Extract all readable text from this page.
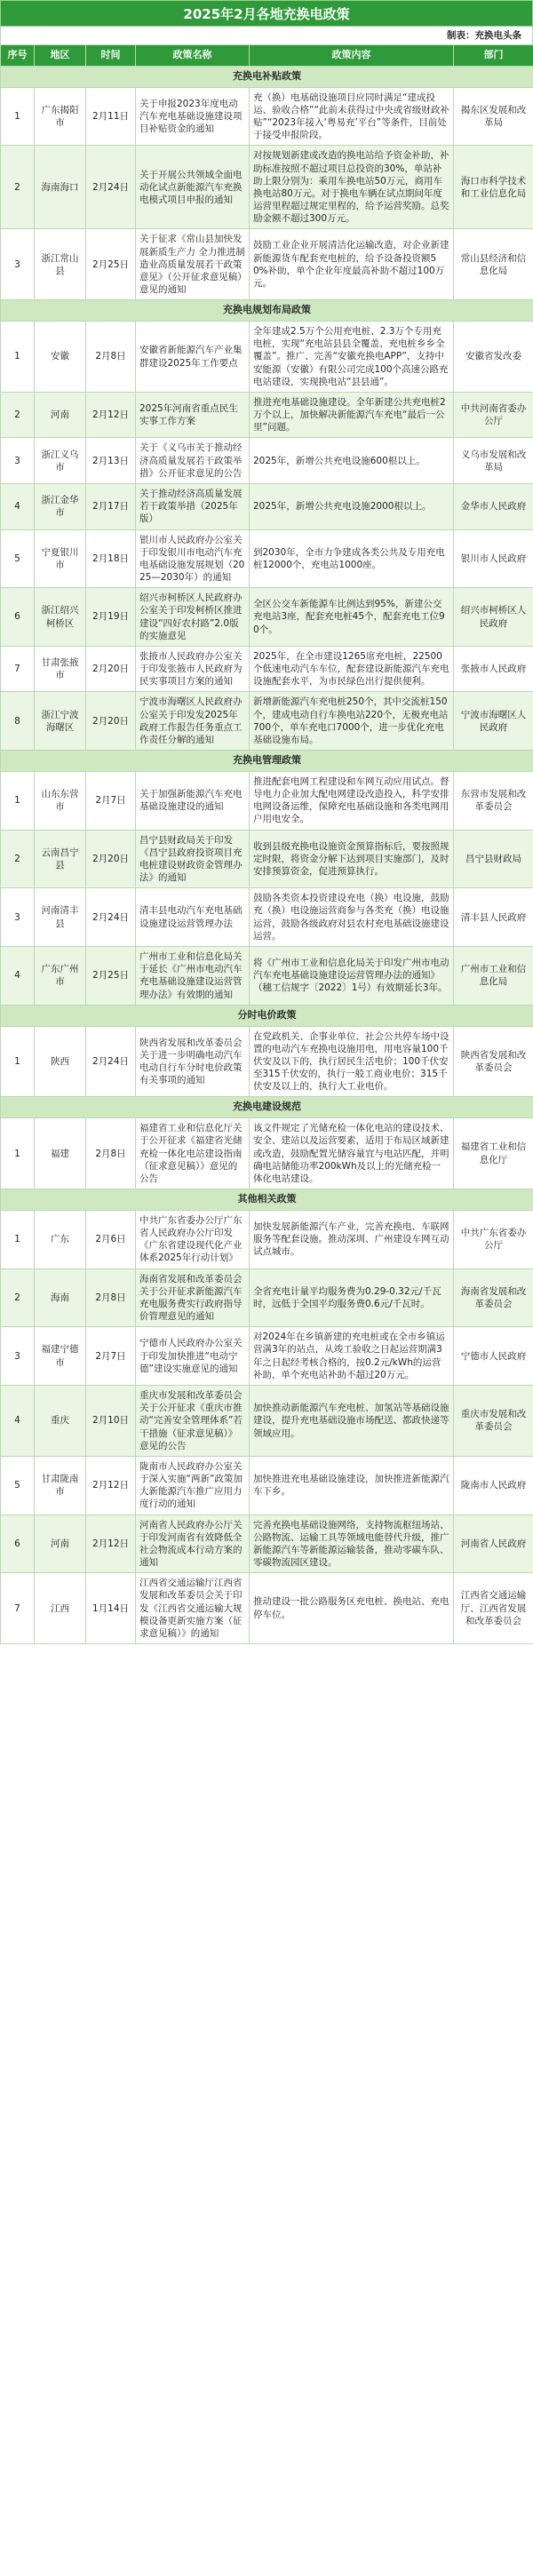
2025年2月各地充换电政策
制表：充换电头条
序号	地区	时间	政策名称	政策内容	部门
充换电补贴政策					
1	广东揭阳市	2月11日	关于申报2023年度电动汽车充电基础设施建设项目补贴资金的通知	充（换）电基础设施项目应同时满足“建成投运、验收合格”“此前未获得过中央或省级财政补贴”“2023年接入‘粤易充’平台”等条件，目前处于接受申报阶段。	揭东区发展和改革局
2	海南海口	2月24日	关于开展公共领域全面电动化试点新能源汽车充换电模式项目申报的通知	对按规划新建或改造的换电站给予资金补助，补助标准按照不超过项目总投资的30%，单站补助上限分别为：乘用车换电站50万元，商用车换电站80万元。对于换电车辆在试点期间年度运营里程超过规定里程的，给予运营奖励。总奖励金额不超过300万元。	海口市科学技术和工业信息化局
3	浙江常山县	2月25日	关于征求《常山县加快发展新质生产力 全力推进制造业高质量发展若干政策意见》（公开征求意见稿）意见的通知	鼓励工业企业开展清洁化运输改造，对企业新建新能源货车配套充电桩的，给予设备投资额50%补助，单个企业年度最高补助不超过100万元。	常山县经济和信息化局
充换电规划布局政策					
1	安徽	2月8日	安徽省新能源汽车产业集群建设2025年工作要点	全年建成2.5万个公用充电桩、2.3万个专用充电桩，实现“充电站县县全覆盖、充电桩乡乡全覆盖”。推广、完善“安徽充换电APP”，支持中安能源（安徽）有限公司完成100个高速公路充电站建设，实现换电站“县县通”。	安徽省发改委
2	河南	2月12日	2025年河南省重点民生实事工作方案	推进充电基础设施建设。全年新建公共充电桩2万个以上，加快解决新能源汽车充电“最后一公里”问题。	中共河南省委办公厅
3	浙江义乌市	2月13日	关于《义乌市关于推动经济高质量发展若干政策举措》公开征求意见的公告	2025年，新增公共充电设施600根以上。	义乌市发展和改革局
4	浙江金华市	2月17日	关于推动经济高质量发展若干政策举措（2025年版）	2025年，新增公共充电设施2000根以上。	金华市人民政府
5	宁夏银川市	2月18日	银川市人民政府办公室关于印发银川市电动汽车充电基础设施发展规划（2025—2030年）的通知	到2030年，全市力争建成各类公共及专用充电桩12000个，充电站1000座。	银川市人民政府
6	浙江绍兴柯桥区	2月19日	绍兴市柯桥区人民政府办公室关于印发柯桥区推进建设“四好农村路”2.0版的实施意见	全区公交车新能源车比例达到95%，新建公交充电站3座，配套充电桩45个，配套充电工位90个。	绍兴市柯桥区人民政府
7	甘肃张掖市	2月20日	张掖市人民政府办公室关于印发张掖市人民政府为民实事项目方案的通知	2025年，在全市建设1265席充电桩，22500个低速电动汽车车位，配套建设新能源汽车充电设施配套水平，为市民绿色出行提供便利。	张掖市人民政府
8	浙江宁波海曙区	2月20日	宁波市海曙区人民政府办公室关于印发发2025年政府工作报告任务重点工作责任分解的通知	新增新能源汽车充电桩250个，其中交流桩150个，建成电动自行车换电站220个，无极充电站700个，单车充电口7000个，进一步优化充电基础设施布局。	宁波市海曙区人民政府
充换电管理政策					
1	山东东营市	2月7日	关于加强新能源汽车充电基础设施建设的通知	推进配套电网工程建设和车网互动应用试点。督导电力企业加大配电网建设改造投入，科学安排电网设备运维，保障充电基础设施和各类电网用户用电安全。	东营市发展和改革委员会
2	云南昌宁县	2月20日	昌宁县财政局关于印发《昌宁县政府投资项目充电桩建设财政资金管理办法》的通知	收到县级充换电设施资金预算指标后，要按照规定时限，将资金分解下达到项目实施部门，及时安排预算资金，促进预算执行。	昌宁县财政局
3	河南清丰县	2月24日	清丰县电动汽车充电基础设施建设运营管理办法	鼓励各类资本投资建设充电（换）电设施，鼓励充（换）电设施运营商参与各类充（换）电设施运营，鼓励各级政府对县农村充电基础设施建设运营。	清丰县人民政府
4	广东广州市	2月25日	广州市工业和信息化局关于延长《广州市电动汽车充电基础设施建设运营管理办法》有效期的通知	将《广州市工业和信息化局关于印发广州市电动汽车充电基础设施建设运营管理办法的通知》（穗工信规字〔2022〕1号）有效期延长3年。	广州市工业和信息化局
分时电价政策					
1	陕西	2月24日	陕西省发展和改革委员会关于进一步明确电动汽车电动自行车分时电价政策有关事项的通知	在党政机关、企事业单位、社会公共停车场中设置的电动汽车充换电设施用电，用电容量100千伏安及以下的，执行居民生活电价；100千伏安至315千伏安的，执行一般工商业电价；315千伏安及以上的，执行大工业电价。	陕西省发展和改革委员会
充换电建设规范					
1	福建	2月8日	福建省工业和信息化厅关于公开征求《福建省光储充检一体化电站建设指南（征求意见稿）》意见的公告	该文件规定了光储充检一体化电站的建设技术、安全、建站以及运营要素，适用于布局区域新建或改造，鼓励配置光储容量宜与电站匹配，并明确电站储能功率200kWh及以上的光储充检一体化电站建设。	福建省工业和信息化厅
其他相关政策					
1	广东	2月6日	中共广东省委办公厅广东省人民政府办公厅印发《广东省建设现代化产业体系2025年行动计划》	加快发展新能源汽车产业，完善充换电、车联网服务等配套设施。推动深圳、广州建设车网互动试点城市。	中共广东省委办公厅
2	海南	2月8日	海南省发展和改革委员会关于公开征求新能源汽车充电服务费实行政府指导价管理意见的通知	全省充电计量平均服务费为0.29-0.32元/千瓦时，远低于全国平均服务费0.6元/千瓦时。	海南省发展和改革委员会
3	福建宁德市	2月7日	宁德市人民政府办公室关于印发加快推进“电动宁德”建设实施意见的通知	对2024年在乡镇新建的充电桩或在全市乡镇运营满3年的站点，从竣工验收之日起运营期满3年之日起经考核合格的，按0.2元/kWh的运营补助，单个充电站补助不超过20万元。	宁德市人民政府
4	重庆	2月10日	重庆市发展和改革委员会关于公开征求《重庆市推动“完善安全管理体系”若干措施（征求意见稿）》意见的公告	加快推动新能源汽车充电桩、加氢站等基础设施建设，提升充电基础设施市场配送、都政快递等领域应用。	重庆市发展和改革委员会
5	甘肃陇南市	2月12日	陇南市人民政府办公室关于深入实施“两新”政策加大新能源汽车推广应用力度行动的通知	加快推进充电基础设施建设，加快推进新能源汽车下乡。	陇南市人民政府
6	河南	2月12日	河南省人民政府办公厅关于印发河南省有效降低全社会物流成本行动方案的通知	完善充换电基础设施网络，支持物流枢纽场站、公路物流、运输工具等领域电能替代升级，推广新能源汽车等新能源运输装备，推动零碳车队、零碳物流园区建设。	河南省人民政府
7	江西	1月14日	江西省交通运输厅江西省发展和改革委员会关于印发《江西省交通运输大规模设备更新实施方案（征求意见稿）》的通知	推动建设一批公路服务区充电桩、换电站、充电停车位。	江西省交通运输厅、江西省发展和改革委员会
